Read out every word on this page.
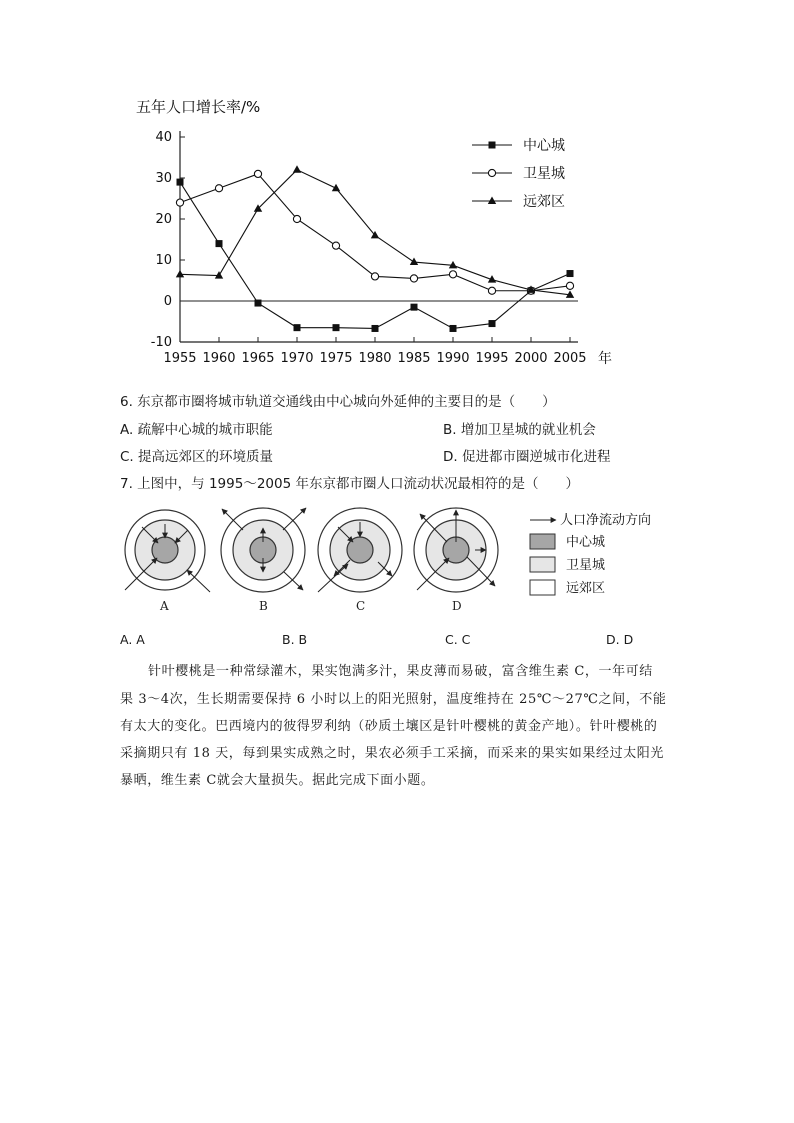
五年人口增长率/%
40
30
20
10
0
-10
1955 1960 1965 1970 1975 1980 1985 1990 1995 2000 2005 年
中心城
卫星城
远郊区
6. 东京都市圈将城市轨道交通线由中心城向外延伸的主要目的是（　　）
A. 疏解中心城的城市职能	B. 增加卫星城的就业机会
C. 提高远郊区的环境质量	D. 促进都市圈逆城市化进程
7. 上图中，与 1995～2005 年东京都市圈人口流动状况最相符的是（　　）
A	B	C	D
人口净流动方向
中心城
卫星城
远郊区
A. A	B. B	C. C	D. D
针叶樱桃是一种常绿灌木，果实饱满多汁，果皮薄而易破，富含维生素 C，一年可结
果 3～4次，生长期需要保持 6 小时以上的阳光照射，温度维持在 25℃～27℃之间，不能
有太大的变化。巴西境内的彼得罗利纳（砂质土壤区是针叶樱桃的黄金产地）。针叶樱桃的
采摘期只有 18 天，每到果实成熟之时，果农必须手工采摘，而采来的果实如果经过太阳光
暴晒，维生素 C就会大量损失。据此完成下面小题。
